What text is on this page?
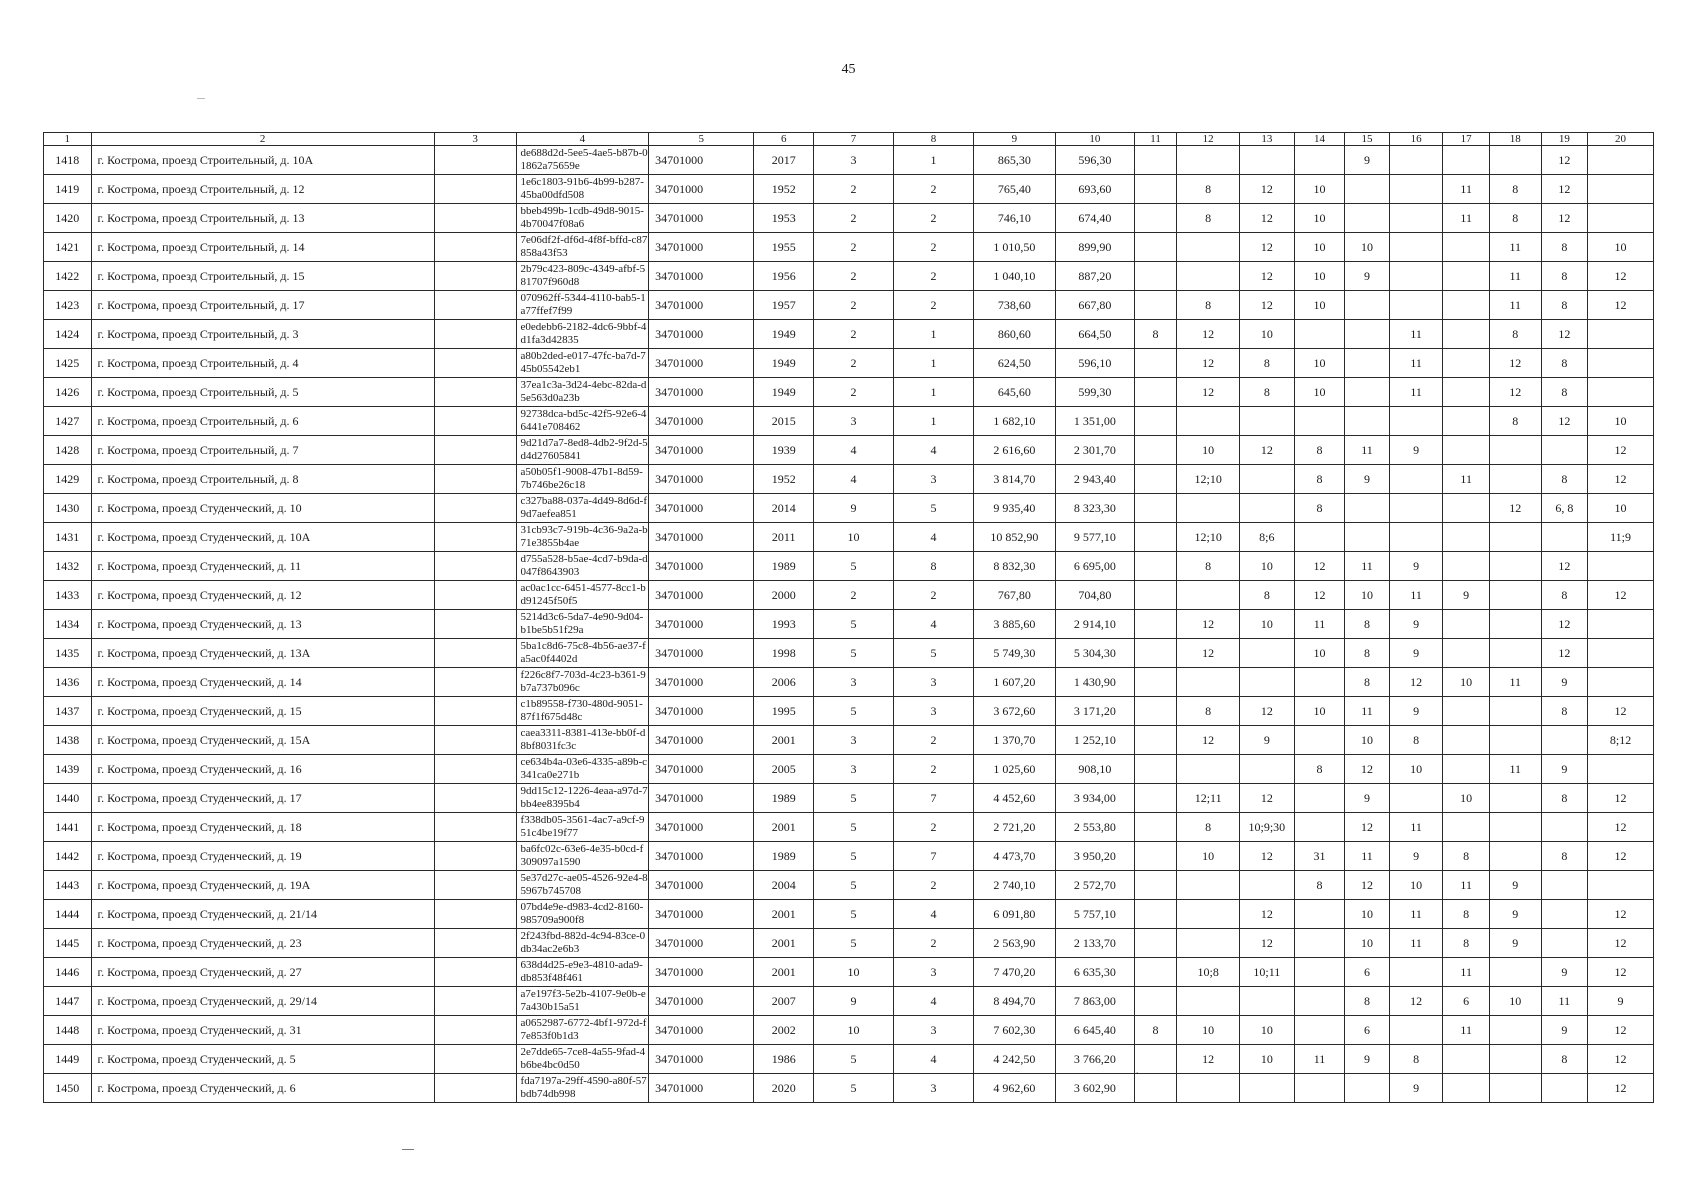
45
1	2	3	4	5	6	7	8	9	10	11	12	13	14	15	16	17	18	19	20
1418	г. Кострома, проезд Строительный, д. 10А		de688d2d-5ee5-4ae5-b87b-01862a75659e	34701000	2017	3	1	865,30	596,30					9				12	
1419	г. Кострома, проезд Строительный, д. 12		1e6c1803-91b6-4b99-b287-45ba00dfd508	34701000	1952	2	2	765,40	693,60		8	12	10			11	8	12	
1420	г. Кострома, проезд Строительный, д. 13		bbeb499b-1cdb-49d8-9015-4b70047f08a6	34701000	1953	2	2	746,10	674,40		8	12	10			11	8	12	
1421	г. Кострома, проезд Строительный, д. 14		7e06df2f-df6d-4f8f-bffd-c87858a43f53	34701000	1955	2	2	1 010,50	899,90			12	10	10			11	8	10
1422	г. Кострома, проезд Строительный, д. 15		2b79c423-809c-4349-afbf-581707f960d8	34701000	1956	2	2	1 040,10	887,20			12	10	9			11	8	12
1423	г. Кострома, проезд Строительный, д. 17		070962ff-5344-4110-bab5-1a77ffef7f99	34701000	1957	2	2	738,60	667,80		8	12	10				11	8	12
1424	г. Кострома, проезд Строительный, д. 3		e0edebb6-2182-4dc6-9bbf-4d1fa3d42835	34701000	1949	2	1	860,60	664,50	8	12	10			11		8	12	
1425	г. Кострома, проезд Строительный, д. 4		a80b2ded-e017-47fc-ba7d-745b05542eb1	34701000	1949	2	1	624,50	596,10		12	8	10		11		12	8	
1426	г. Кострома, проезд Строительный, д. 5		37ea1c3a-3d24-4ebc-82da-d5e563d0a23b	34701000	1949	2	1	645,60	599,30		12	8	10		11		12	8	
1427	г. Кострома, проезд Строительный, д. 6		92738dca-bd5c-42f5-92e6-46441e708462	34701000	2015	3	1	1 682,10	1 351,00								8	12	10
1428	г. Кострома, проезд Строительный, д. 7		9d21d7a7-8ed8-4db2-9f2d-5d4d27605841	34701000	1939	4	4	2 616,60	2 301,70		10	12	8	11	9				12
1429	г. Кострома, проезд Строительный, д. 8		a50b05f1-9008-47b1-8d59-7b746be26c18	34701000	1952	4	3	3 814,70	2 943,40		12;10		8	9		11		8	12
1430	г. Кострома, проезд Студенческий, д. 10		c327ba88-037a-4d49-8d6d-f9d7aefea851	34701000	2014	9	5	9 935,40	8 323,30				8				12	6, 8	10
1431	г. Кострома, проезд Студенческий, д. 10А		31cb93c7-919b-4c36-9a2a-b71e3855b4ae	34701000	2011	10	4	10 852,90	9 577,10		12;10	8;6							11;9
1432	г. Кострома, проезд Студенческий, д. 11		d755a528-b5ae-4cd7-b9da-d047f8643903	34701000	1989	5	8	8 832,30	6 695,00		8	10	12	11	9			12	
1433	г. Кострома, проезд Студенческий, д. 12		ac0ac1cc-6451-4577-8cc1-bd91245f50f5	34701000	2000	2	2	767,80	704,80			8	12	10	11	9		8	12
1434	г. Кострома, проезд Студенческий, д. 13		5214d3c6-5da7-4e90-9d04-b1be5b51f29a	34701000	1993	5	4	3 885,60	2 914,10		12	10	11	8	9			12	
1435	г. Кострома, проезд Студенческий, д. 13А		5ba1c8d6-75c8-4b56-ae37-fa5ac0f4402d	34701000	1998	5	5	5 749,30	5 304,30		12		10	8	9			12	
1436	г. Кострома, проезд Студенческий, д. 14		f226c8f7-703d-4c23-b361-9b7a737b096c	34701000	2006	3	3	1 607,20	1 430,90					8	12	10	11	9	
1437	г. Кострома, проезд Студенческий, д. 15		c1b89558-f730-480d-9051-87f1f675d48c	34701000	1995	5	3	3 672,60	3 171,20		8	12	10	11	9			8	12
1438	г. Кострома, проезд Студенческий, д. 15А		caea3311-8381-413e-bb0f-d8bf8031fc3c	34701000	2001	3	2	1 370,70	1 252,10		12	9		10	8				8;12
1439	г. Кострома, проезд Студенческий, д. 16		ce634b4a-03e6-4335-a89b-c341ca0e271b	34701000	2005	3	2	1 025,60	908,10				8	12	10		11	9	
1440	г. Кострома, проезд Студенческий, д. 17		9dd15c12-1226-4eaa-a97d-7bb4ee8395b4	34701000	1989	5	7	4 452,60	3 934,00		12;11	12		9		10		8	12
1441	г. Кострома, проезд Студенческий, д. 18		f338db05-3561-4ac7-a9cf-951c4be19f77	34701000	2001	5	2	2 721,20	2 553,80		8	10;9;30		12	11				12
1442	г. Кострома, проезд Студенческий, д. 19		ba6fc02c-63e6-4e35-b0cd-f309097a1590	34701000	1989	5	7	4 473,70	3 950,20		10	12	31	11	9	8		8	12
1443	г. Кострома, проезд Студенческий, д. 19А		5e37d27c-ae05-4526-92e4-85967b745708	34701000	2004	5	2	2 740,10	2 572,70				8	12	10	11	9		
1444	г. Кострома, проезд Студенческий, д. 21/14		07bd4e9e-d983-4cd2-8160-985709a900f8	34701000	2001	5	4	6 091,80	5 757,10			12		10	11	8	9		12
1445	г. Кострома, проезд Студенческий, д. 23		2f243fbd-882d-4c94-83ce-0db34ac2e6b3	34701000	2001	5	2	2 563,90	2 133,70			12		10	11	8	9		12
1446	г. Кострома, проезд Студенческий, д. 27		638d4d25-e9e3-4810-ada9-db853f48f461	34701000	2001	10	3	7 470,20	6 635,30		10;8	10;11		6		11		9	12
1447	г. Кострома, проезд Студенческий, д. 29/14		a7e197f3-5e2b-4107-9e0b-e7a430b15a51	34701000	2007	9	4	8 494,70	7 863,00					8	12	6	10	11	9
1448	г. Кострома, проезд Студенческий, д. 31		a0652987-6772-4bf1-972d-f7e853f0b1d3	34701000	2002	10	3	7 602,30	6 645,40	8	10	10		6		11		9	12
1449	г. Кострома, проезд Студенческий, д. 5		2e7dde65-7ce8-4a55-9fad-4b6be4bc0d50	34701000	1986	5	4	4 242,50	3 766,20		12	10	11	9	8			8	12
1450	г. Кострома, проезд Студенческий, д. 6		fda7197a-29ff-4590-a80f-57bdb74db998	34701000	2020	5	3	4 962,60	3 602,90						9				12
ˋ
